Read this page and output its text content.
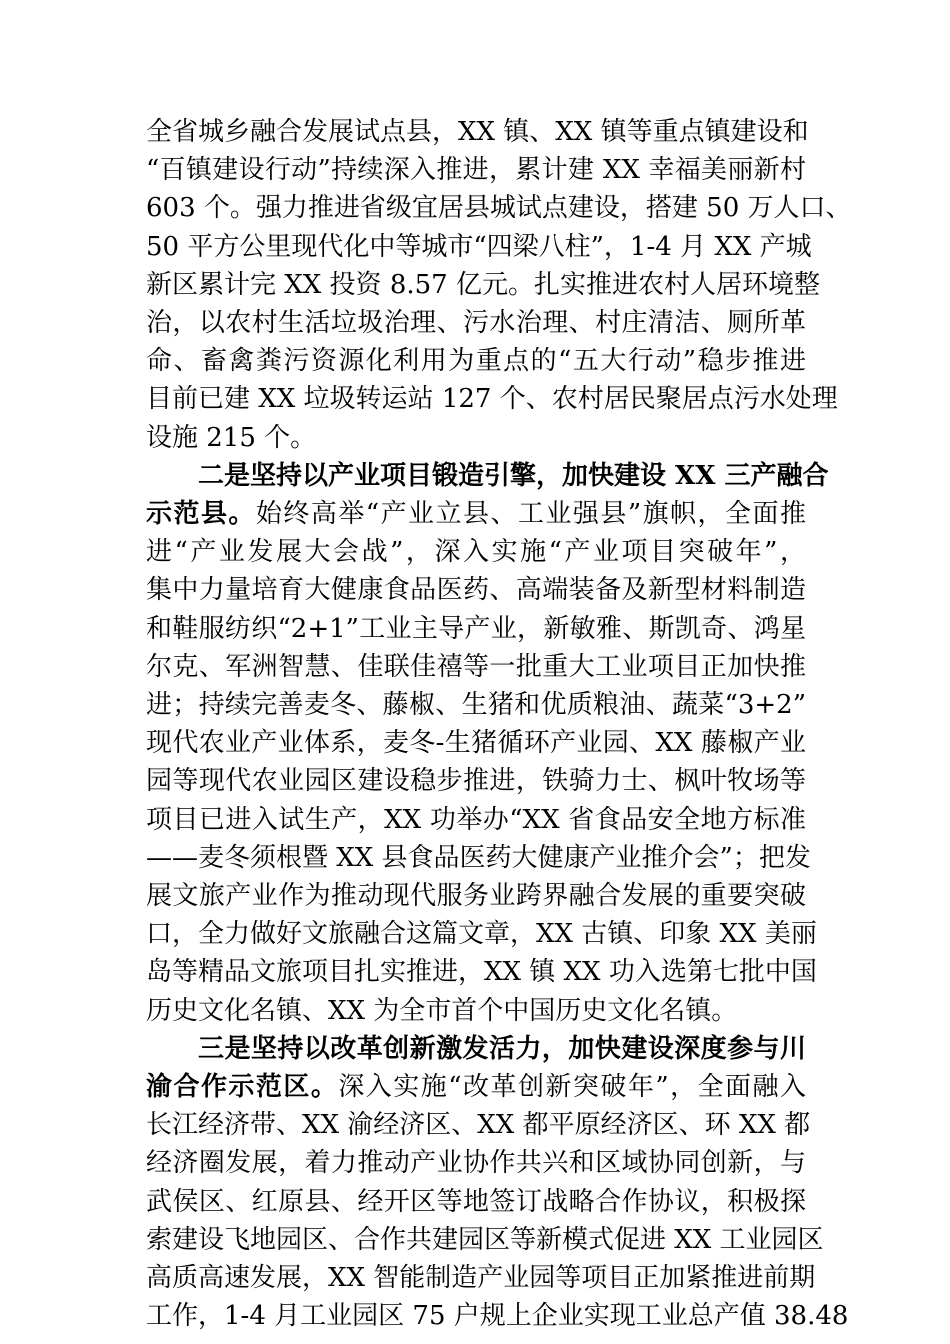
全省城乡融合发展试点县，XX 镇、XX 镇等重点镇建设和
“百镇建设行动”持续深入推进，累计建 XX 幸福美丽新村
603 个。强力推进省级宜居县城试点建设，搭建 50 万人口、
50 平方公里现代化中等城市“四梁八柱”，1-4 月 XX 产城
新区累计完 XX 投资 8.57 亿元。扎实推进农村人居环境整
治，以农村生活垃圾治理、污水治理、村庄清洁、厕所革
命、畜禽粪污资源化利用为重点的“五大行动”稳步推进
目前已建 XX 垃圾转运站 127 个、农村居民聚居点污水处理
设施 215 个。
二是坚持以产业项目锻造引擎，加快建设 XX 三产融合
示范县。始终高举“产业立县、工业强县”旗帜，全面推
进“产业发展大会战”，深入实施“产业项目突破年”，
集中力量培育大健康食品医药、高端装备及新型材料制造
和鞋服纺织“2+1”工业主导产业，新敏雅、斯凯奇、鸿星
尔克、军洲智慧、佳联佳禧等一批重大工业项目正加快推
进；持续完善麦冬、藤椒、生猪和优质粮油、蔬菜“3+2”
现代农业产业体系，麦冬-生猪循环产业园、XX 藤椒产业
园等现代农业园区建设稳步推进，铁骑力士、枫叶牧场等
项目已进入试生产，XX 功举办“XX 省食品安全地方标准
——麦冬须根暨 XX 县食品医药大健康产业推介会”；把发
展文旅产业作为推动现代服务业跨界融合发展的重要突破
口，全力做好文旅融合这篇文章，XX 古镇、印象 XX 美丽
岛等精品文旅项目扎实推进，XX 镇 XX 功入选第七批中国
历史文化名镇、XX 为全市首个中国历史文化名镇。
三是坚持以改革创新激发活力，加快建设深度参与川
渝合作示范区。深入实施“改革创新突破年”，全面融入
长江经济带、XX 渝经济区、XX 都平原经济区、环 XX 都
经济圈发展，着力推动产业协作共兴和区域协同创新，与
武侯区、红原县、经开区等地签订战略合作协议，积极探
索建设飞地园区、合作共建园区等新模式促进 XX 工业园区
高质高速发展，XX 智能制造产业园等项目正加紧推进前期
工作，1-4 月工业园区 75 户规上企业实现工业总产值 38.48
